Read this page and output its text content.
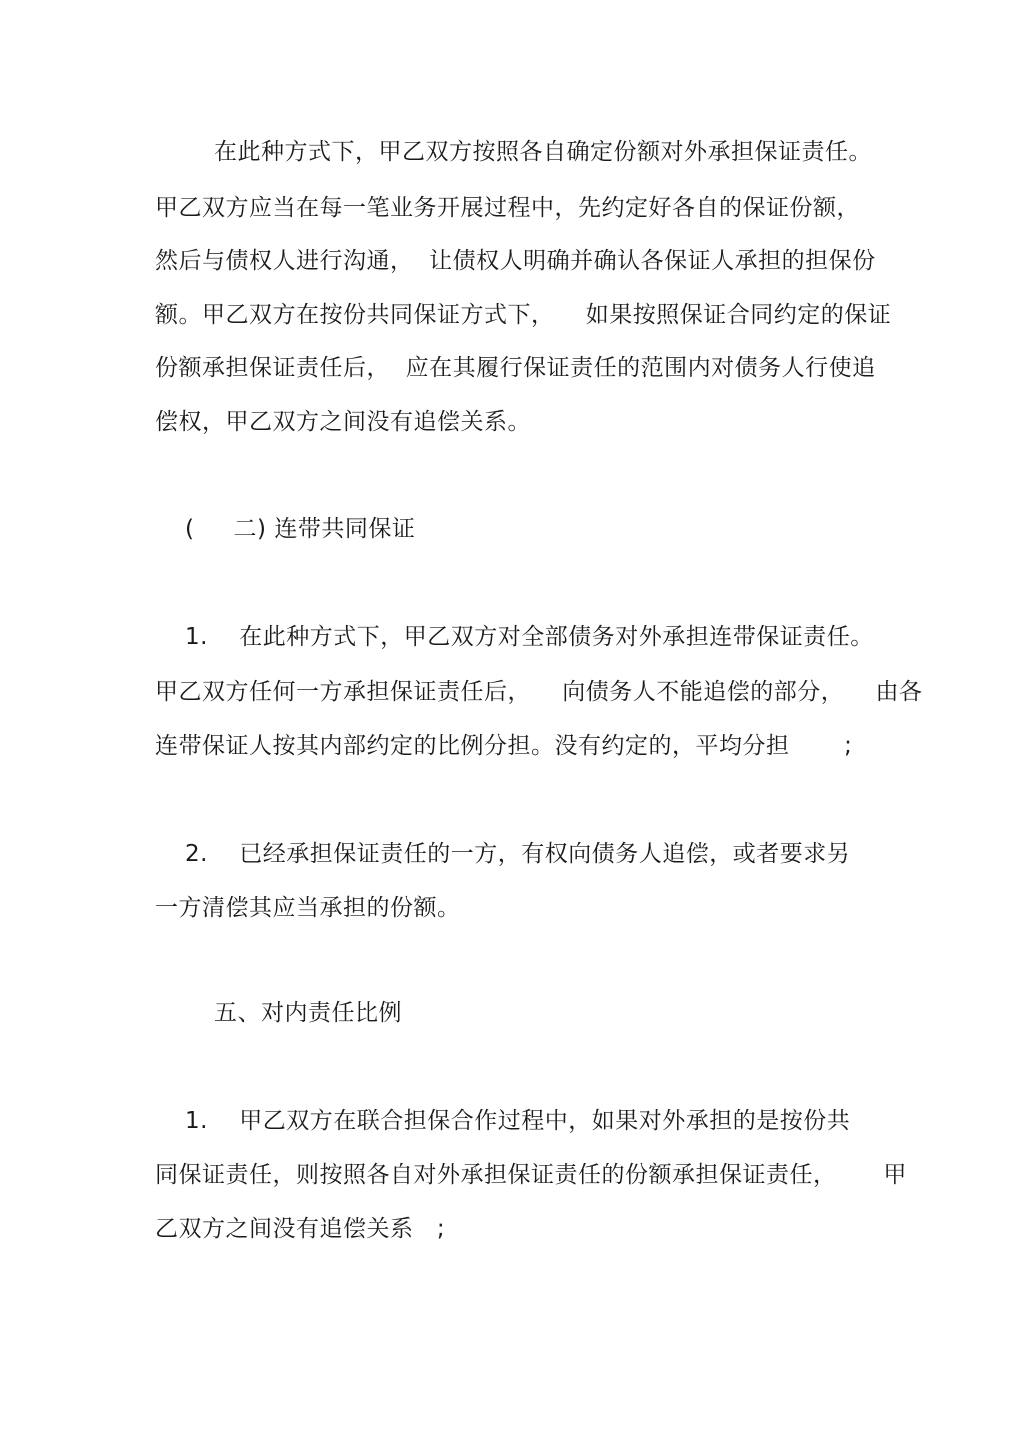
在此种方式下，甲乙双方按照各自确定份额对外承担保证责任。
甲乙双方应当在每一笔业务开展过程中，先约定好各自的保证份额，
然后与债权人进行沟通，  让债权人明确并确认各保证人承担的担保份
额。甲乙双方在按份共同保证方式下，    如果按照保证合同约定的保证
份额承担保证责任后，  应在其履行保证责任的范围内对债务人行使追
偿权，甲乙双方之间没有追偿关系。
(     二) 连带共同保证
1.    在此种方式下，甲乙双方对全部债务对外承担连带保证责任。
甲乙双方任何一方承担保证责任后，    向债务人不能追偿的部分，    由各
连带保证人按其内部约定的比例分担。没有约定的，平均分担       ;
2.    已经承担保证责任的一方，有权向债务人追偿，或者要求另
一方清偿其应当承担的份额。
五、对内责任比例
1.    甲乙双方在联合担保合作过程中，如果对外承担的是按份共
同保证责任，则按照各自对外承担保证责任的份额承担保证责任，      甲
乙双方之间没有追偿关系   ;
